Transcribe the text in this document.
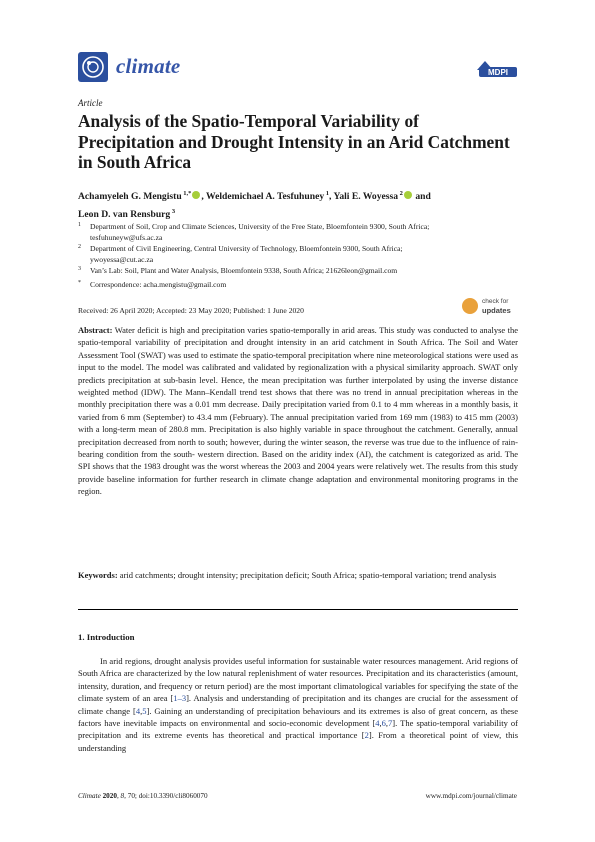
climate	MDPI
Article
Analysis of the Spatio-Temporal Variability of Precipitation and Drought Intensity in an Arid Catchment in South Africa
Achamyeleh G. Mengistu $^{1,*}$ , Weldemichael A. Tesfuhuney $^1$, Yali E. Woyessa $^2$ and
Leon D. van Rensburg $^3$
1 Department of Soil, Crop and Climate Sciences, University of the Free State, Bloemfontein 9300, South Africa;
tesfuhuneyw@ufs.ac.za
2 Department of Civil Engineering, Central University of Technology, Bloemfontein 9300, South Africa;
ywoyessa@cut.ac.za
3 Van’s Lab: Soil, Plant and Water Analysis, Bloemfontein 9338, South Africa; 21626leon@gmail.com
* Correspondence: acha.mengistu@gmail.com
Received: 26 April 2020; Accepted: 23 May 2020; Published: 1 June 2020
check for
updates
Abstract: Water deficit is high and precipitation varies spatio-temporally in arid areas. This study was conducted to analyse the spatio-temporal variability of precipitation and drought intensity in an arid catchment in South Africa. The Soil and Water Assessment Tool (SWAT) was used to estimate the spatio-temporal precipitation where nine meteorological stations were used as input to the model. The model was calibrated and validated by regionalization with a physical similarity approach. SWAT only predicts precipitation at sub-basin level. Hence, the mean precipitation was further interpolated by using the inverse distance weighted method (IDW). The Mann–Kendall trend test shows that there was no trend in annual precipitation whereas in the monthly precipitation there was a 0.01 mm decrease. Daily precipitation varied from 0.1 to 4 mm whereas in a monthly basis, it varied from 6 mm (September) to 43.4 mm (February). The annual precipitation varied from 169 mm (1983) to 415 mm (2003) with a long-term mean of 280.8 mm. Precipitation is also highly variable in space throughout the catchment. Generally, annual precipitation decreased from north to south; however, during the winter season, the reverse was true due to the influence of rain-bearing condition from the south- western direction. Based on the aridity index (AI), the catchment is categorized as arid. The SPI shows that the 1983 drought was the worst whereas the 2003 and 2004 years were relatively wet. The results from this study provide baseline information for further research in climate change adaptation and environmental monitoring programs in the region.
Keywords: arid catchments; drought intensity; precipitation deficit; South Africa; spatio-temporal variation; trend analysis
1. Introduction
In arid regions, drought analysis provides useful information for sustainable water resources management. Arid regions of South Africa are characterized by the low natural replenishment of water resources. Precipitation and its characteristics (amount, intensity, duration, and frequency or return period) are the most important climatological variables for specifying the state of the climate system of an area [1–3]. Analysis and understanding of precipitation and its changes are crucial for the assessment of climate change [4,5]. Gaining an understanding of precipitation behaviours and its extremes is also of great concern, as these factors have inevitable impacts on environmental and socio-economic development [4,6,7]. The spatio-temporal variability of precipitation and its extreme events has theoretical and practical importance [2]. From a theoretical point of view, this understanding
Climate 2020, 8, 70; doi:10.3390/cli8060070	www.mdpi.com/journal/climate
